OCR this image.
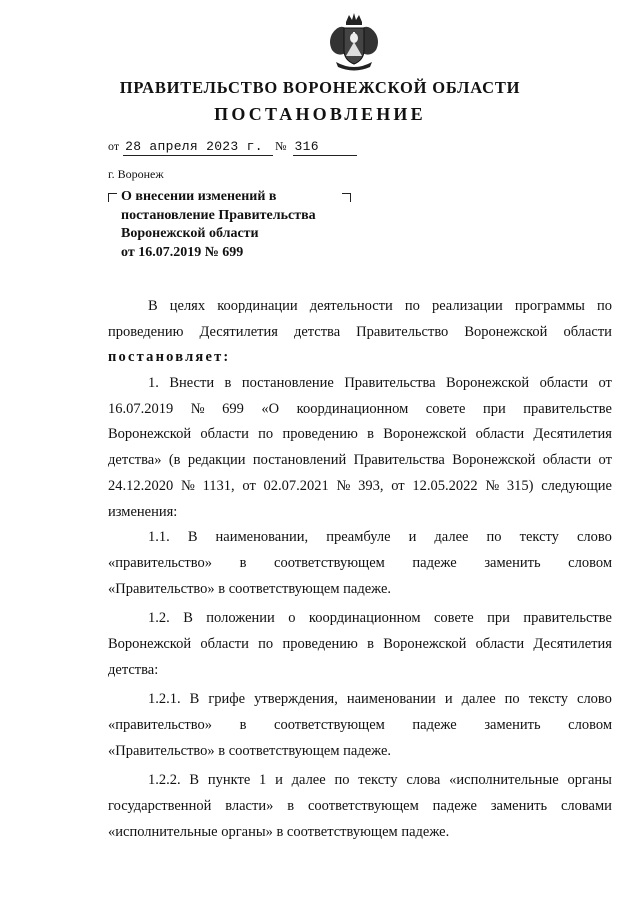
ПРАВИТЕЛЬСТВО ВОРОНЕЖСКОЙ ОБЛАСТИ
ПОСТАНОВЛЕНИЕ
от 28 апреля 2023 г. № 316
г. Воронеж
О внесении изменений в
постановление Правительства
Воронежской области
от 16.07.2019 № 699
В целях координации деятельности по реализации программы по
проведению Десятилетия детства Правительство Воронежской области
постановляет:
1. Внести в постановление Правительства Воронежской области от
16.07.2019 № 699 «О координационном совете при правительстве
Воронежской области по проведению в Воронежской области Десятилетия
детства» (в редакции постановлений Правительства Воронежской области от
24.12.2020 № 1131, от 02.07.2021 № 393, от 12.05.2022 № 315) следующие
изменения:
1.1. В наименовании, преамбуле и далее по тексту слово
«правительство» в соответствующем падеже заменить словом
«Правительство» в соответствующем падеже.
1.2. В положении о координационном совете при правительстве
Воронежской области по проведению в Воронежской области Десятилетия
детства:
1.2.1. В грифе утверждения, наименовании и далее по тексту слово
«правительство» в соответствующем падеже заменить словом
«Правительство» в соответствующем падеже.
1.2.2. В пункте 1 и далее по тексту слова «исполнительные органы
государственной власти» в соответствующем падеже заменить словами
«исполнительные органы» в соответствующем падеже.
